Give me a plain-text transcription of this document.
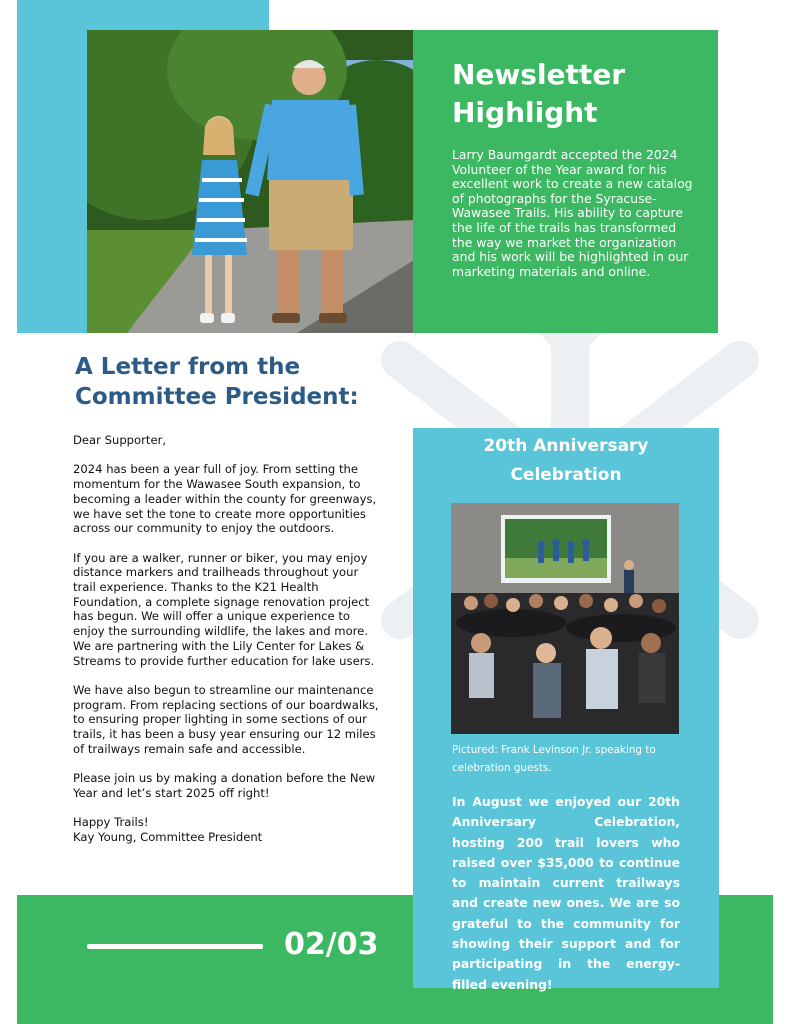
Newsletter
Highlight
Larry Baumgardt accepted the 2024 Volunteer of the Year award for his excellent work to create a new catalog of photographs for the Syracuse-Wawasee Trails. His ability to capture the life of the trails has transformed the way we market the organization and his work will be highlighted in our marketing materials and online.
A Letter from the
Committee President:

Dear Supporter,

2024 has been a year full of joy. From setting the momentum for the Wawasee South expansion, to becoming a leader within the county for greenways, we have set the tone to create more opportunities across our community to enjoy the outdoors.

If you are a walker, runner or biker, you may enjoy distance markers and trailheads throughout your trail experience. Thanks to the K21 Health Foundation, a complete signage renovation project has begun. We will offer a unique experience to enjoy the surrounding wildlife, the lakes and more. We are partnering with the Lily Center for Lakes & Streams to provide further education for lake users.

We have also begun to streamline our maintenance program. From replacing sections of our boardwalks, to ensuring proper lighting in some sections of our trails, it has been a busy year ensuring our 12 miles of trailways remain safe and accessible.

Please join us by making a donation before the New Year and let’s start 2025 off right!

Happy Trails!
Kay Young, Committee President
02/03
20th Anniversary
Celebration
Pictured: Frank Levinson Jr. speaking to
celebration guests.
In August we enjoyed our 20th Anniversary Celebration, hosting 200 trail lovers who raised over $35,000 to continue to maintain current trailways and create new ones. We are so grateful to the community for showing their support and for participating in the energy-filled evening!
